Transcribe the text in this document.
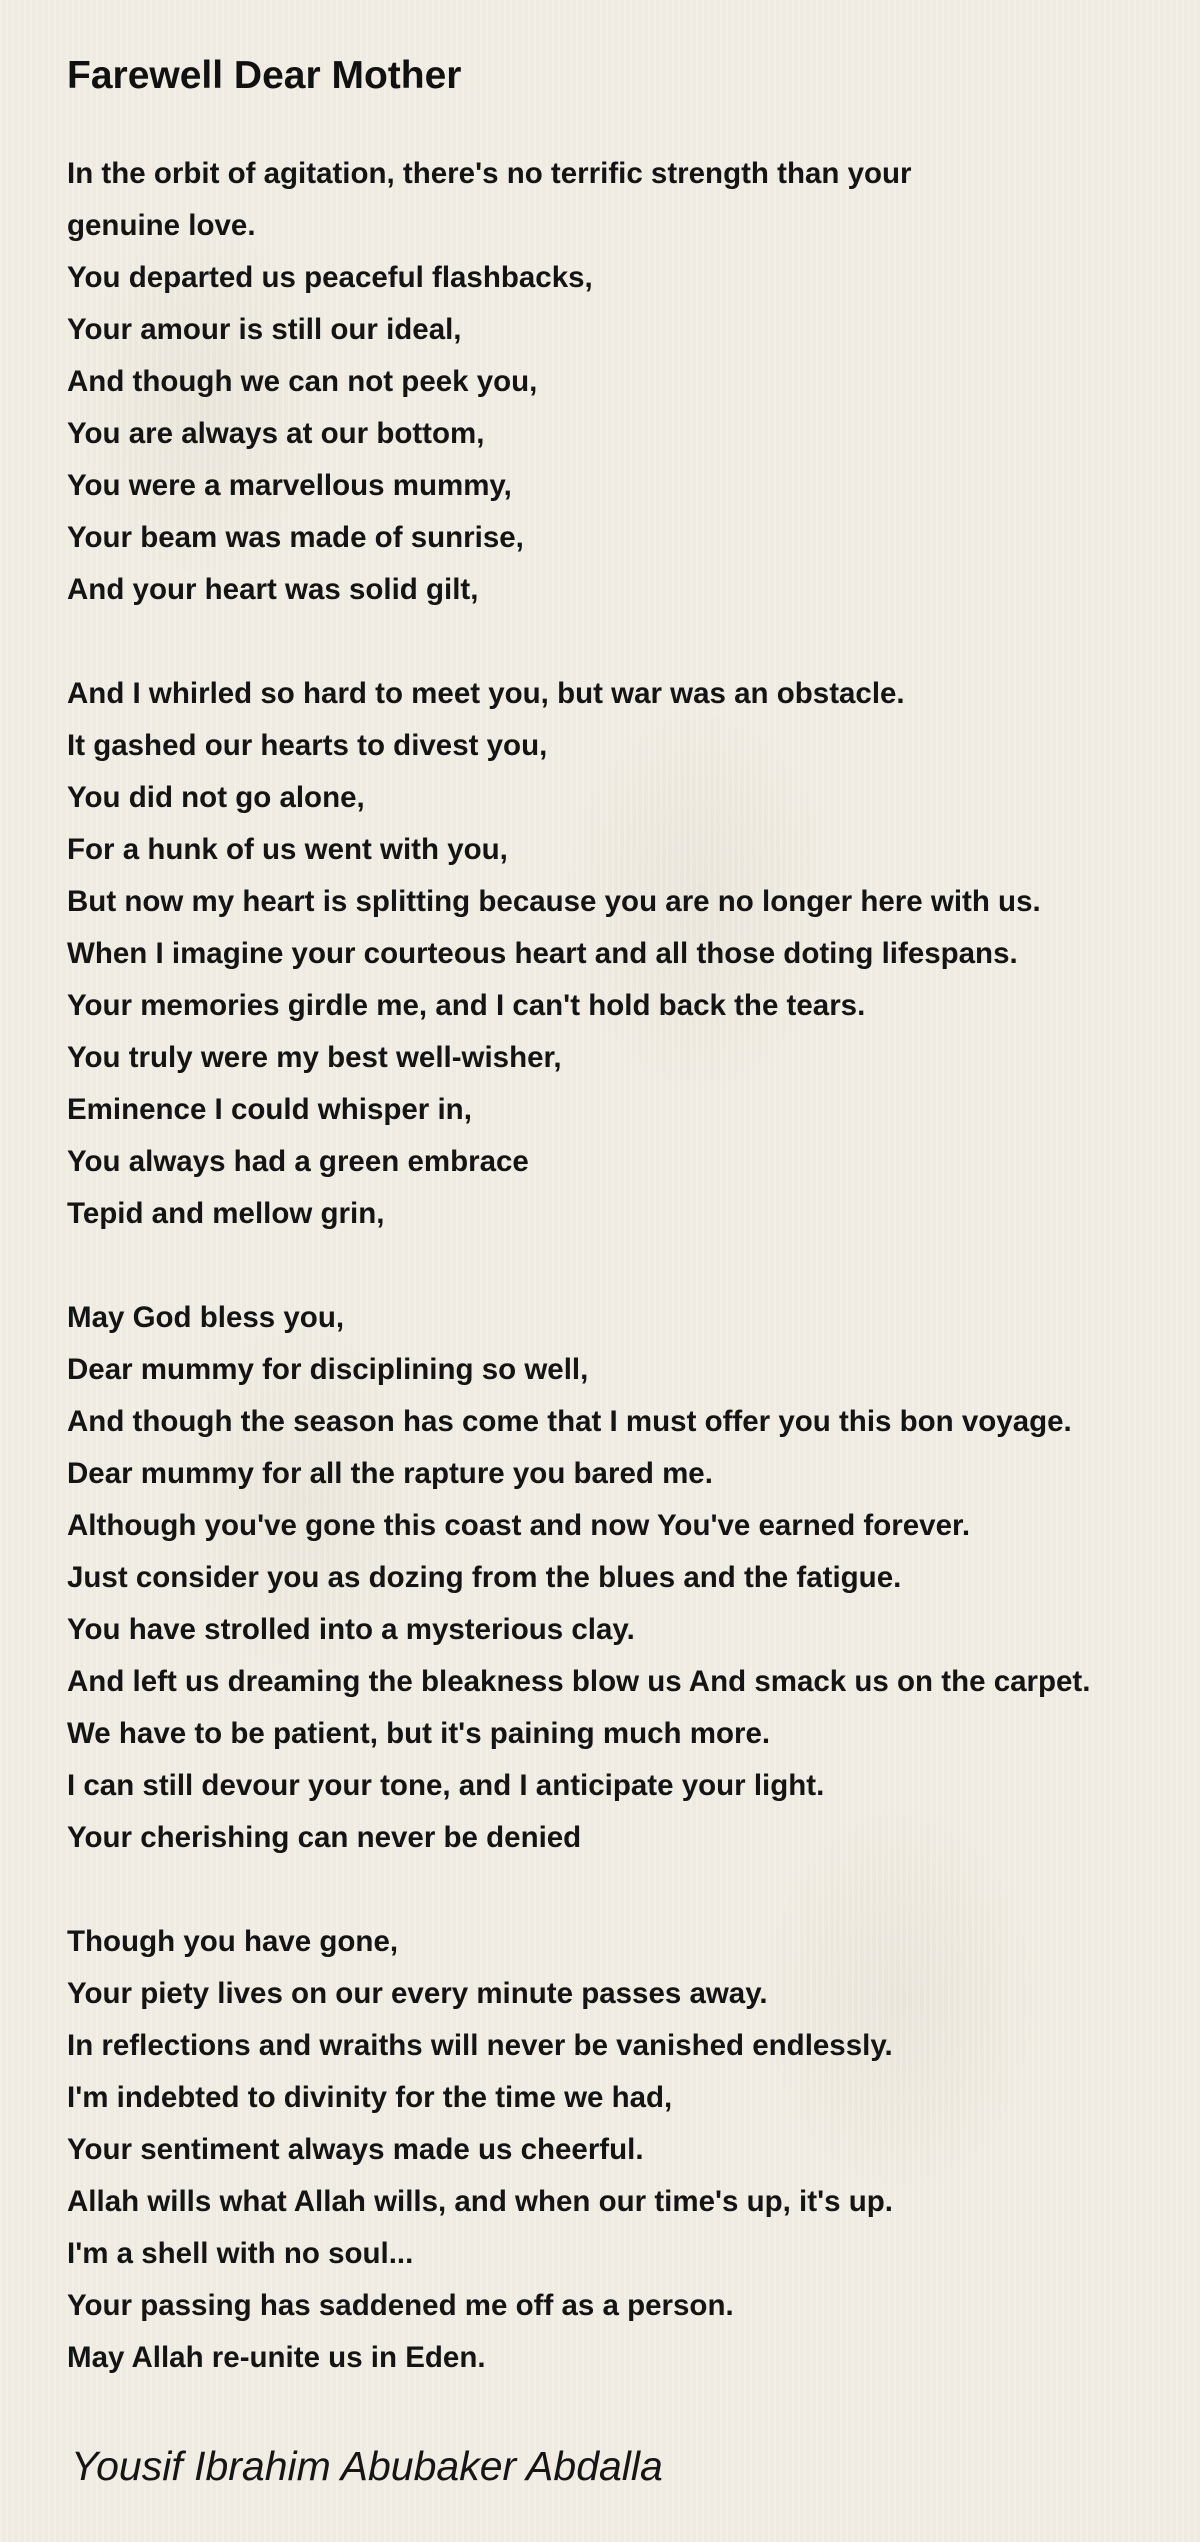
Farewell Dear Mother
In the orbit of agitation, there's no terrific strength than your
genuine love.
You departed us peaceful flashbacks,
Your amour is still our ideal,
And though we can not peek you,
You are always at our bottom,
You were a marvellous mummy,
Your beam was made of sunrise,
And your heart was solid gilt,
And I whirled so hard to meet you, but war was an obstacle.
It gashed our hearts to divest you,
You did not go alone,
For a hunk of us went with you,
But now my heart is splitting because you are no longer here with us.
When I imagine your courteous heart and all those doting lifespans.
Your memories girdle me, and I can't hold back the tears.
You truly were my best well-wisher,
Eminence I could whisper in,
You always had a green embrace
Tepid and mellow grin,
May God bless you,
Dear mummy for disciplining so well,
And though the season has come that I must offer you this bon voyage.
Dear mummy for all the rapture you bared me.
Although you've gone this coast and now You've earned forever.
Just consider you as dozing from the blues and the fatigue.
You have strolled into a mysterious clay.
And left us dreaming the bleakness blow us And smack us on the carpet.
We have to be patient, but it's paining much more.
I can still devour your tone, and I anticipate your light.
Your cherishing can never be denied
Though you have gone,
Your piety lives on our every minute passes away.
In reflections and wraiths will never be vanished endlessly.
I'm indebted to divinity for the time we had,
Your sentiment always made us cheerful.
Allah wills what Allah wills, and when our time's up, it's up.
I'm a shell with no soul...
Your passing has saddened me off as a person.
May Allah re-unite us in Eden.
Yousif Ibrahim Abubaker Abdalla
